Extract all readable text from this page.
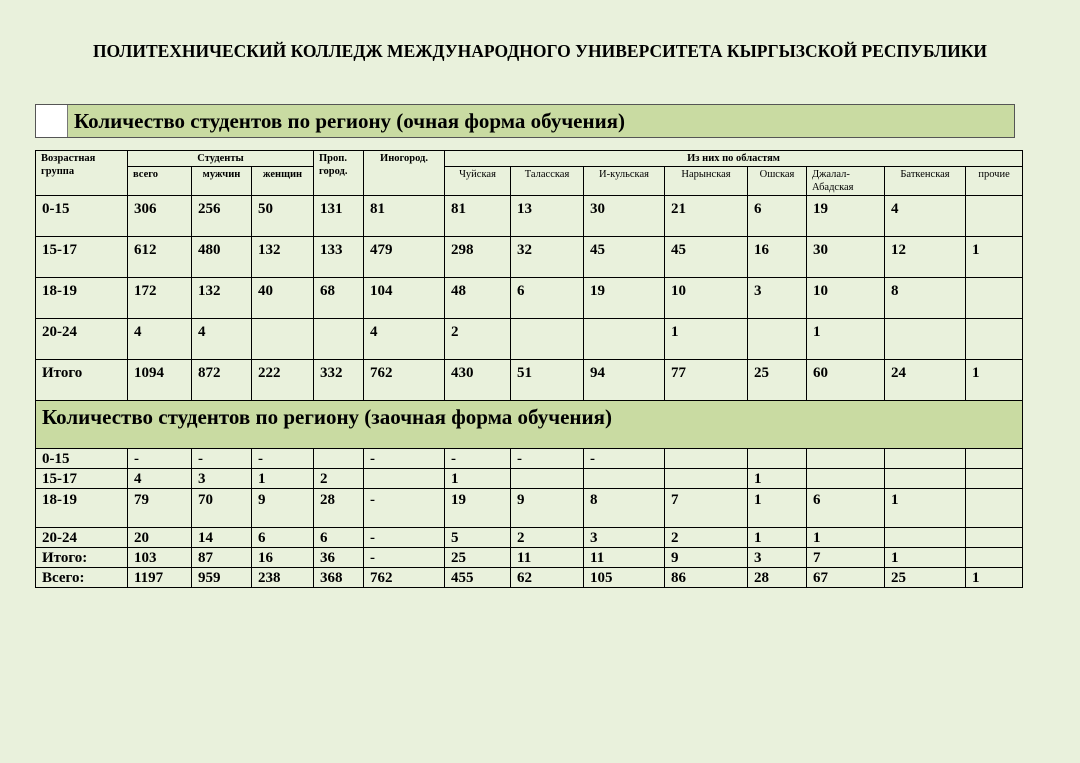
ПОЛИТЕХНИЧЕСКИЙ КОЛЛЕДЖ МЕЖДУНАРОДНОГО УНИВЕРСИТЕТА КЫРГЫЗСКОЙ РЕСПУБЛИКИ
Количество студентов по региону (очная форма обучения)
Возрастная группа	Студенты			Проп. город.	Иногород.	Из них по областям							
	всего	мужчин	женщин			Чуйская	Таласская	И-кульская	Нарынская	Ошская	Джалал-Абадская	Баткенская	прочие
0-15	306	256	50	131	81	81	13	30	21	6	19	4	
15-17	612	480	132	133	479	298	32	45	45	16	30	12	1
18-19	172	132	40	68	104	48	6	19	10	3	10	8	
20-24	4	4			4	2			1		1		
Итого	1094	872	222	332	762	430	51	94	77	25	60	24	1
Количество студентов по региону (заочная форма обучения)													
0-15	-	-	-		-	-	-	-					
15-17	4	3	1	2		1				1			
18-19	79	70	9	28	-	19	9	8	7	1	6	1	
20-24	20	14	6	6	-	5	2	3	2	1	1		
Итого:	103	87	16	36	-	25	11	11	9	3	7	1	
Всего:	1197	959	238	368	762	455	62	105	86	28	67	25	1
